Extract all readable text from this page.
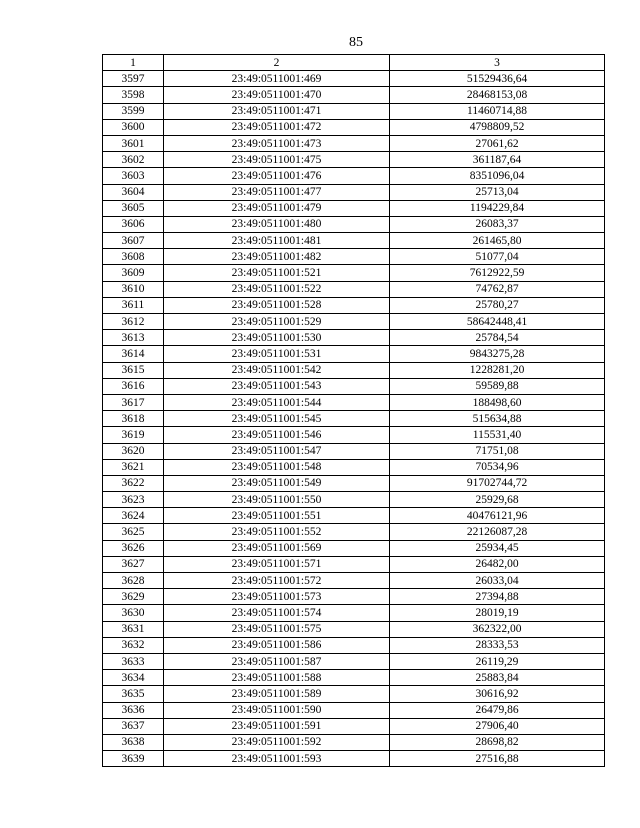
85
1	2	3
3597	23:49:0511001:469	51529436,64
3598	23:49:0511001:470	28468153,08
3599	23:49:0511001:471	11460714,88
3600	23:49:0511001:472	4798809,52
3601	23:49:0511001:473	27061,62
3602	23:49:0511001:475	361187,64
3603	23:49:0511001:476	8351096,04
3604	23:49:0511001:477	25713,04
3605	23:49:0511001:479	1194229,84
3606	23:49:0511001:480	26083,37
3607	23:49:0511001:481	261465,80
3608	23:49:0511001:482	51077,04
3609	23:49:0511001:521	7612922,59
3610	23:49:0511001:522	74762,87
3611	23:49:0511001:528	25780,27
3612	23:49:0511001:529	58642448,41
3613	23:49:0511001:530	25784,54
3614	23:49:0511001:531	9843275,28
3615	23:49:0511001:542	1228281,20
3616	23:49:0511001:543	59589,88
3617	23:49:0511001:544	188498,60
3618	23:49:0511001:545	515634,88
3619	23:49:0511001:546	115531,40
3620	23:49:0511001:547	71751,08
3621	23:49:0511001:548	70534,96
3622	23:49:0511001:549	91702744,72
3623	23:49:0511001:550	25929,68
3624	23:49:0511001:551	40476121,96
3625	23:49:0511001:552	22126087,28
3626	23:49:0511001:569	25934,45
3627	23:49:0511001:571	26482,00
3628	23:49:0511001:572	26033,04
3629	23:49:0511001:573	27394,88
3630	23:49:0511001:574	28019,19
3631	23:49:0511001:575	362322,00
3632	23:49:0511001:586	28333,53
3633	23:49:0511001:587	26119,29
3634	23:49:0511001:588	25883,84
3635	23:49:0511001:589	30616,92
3636	23:49:0511001:590	26479,86
3637	23:49:0511001:591	27906,40
3638	23:49:0511001:592	28698,82
3639	23:49:0511001:593	27516,88
